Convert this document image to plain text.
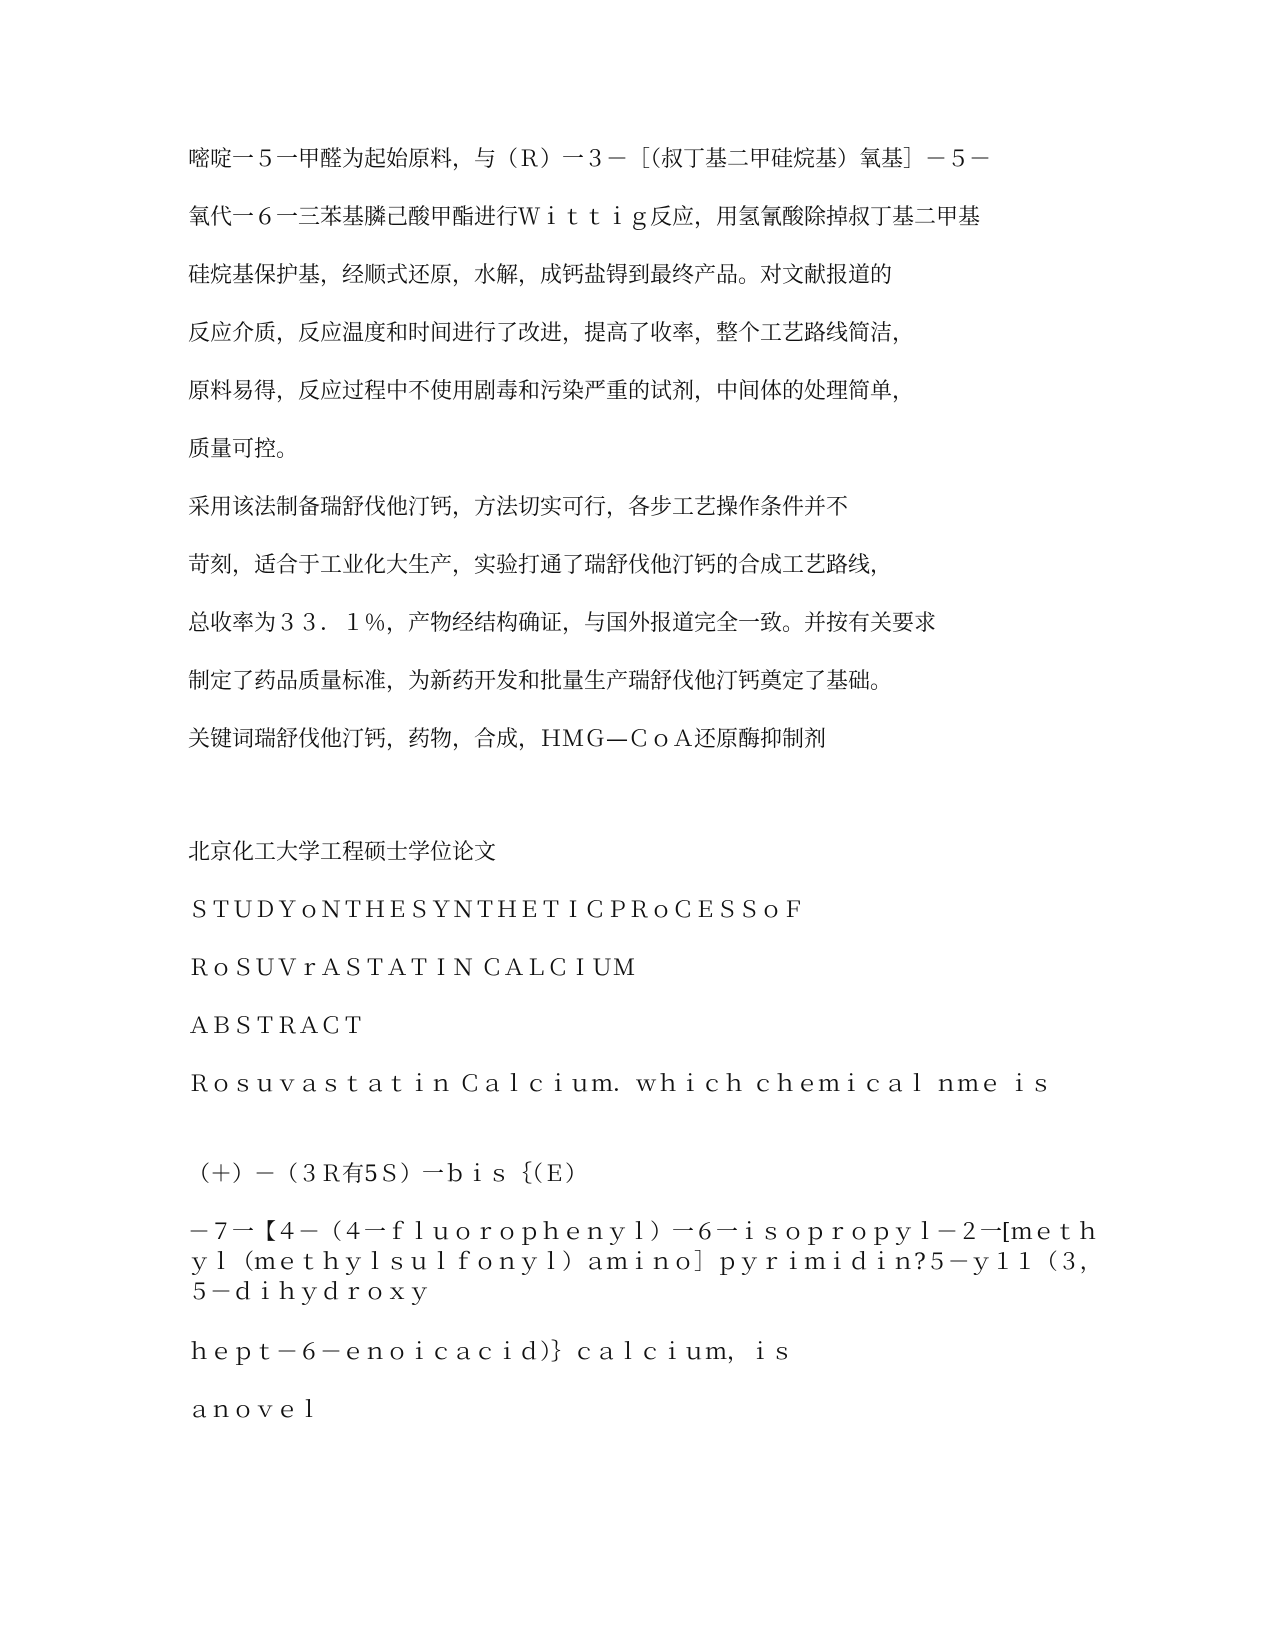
嘧啶一５一甲醛为起始原料，与（Ｒ）一３－［（叔丁基二甲硅烷基）氧基］－５－
氧代一６一三苯基膦己酸甲酯进行Ｗｉｔｔｉｇ反应，用氢氰酸除掉叔丁基二甲基
硅烷基保护基，经顺式还原，水解，成钙盐锝到最终产品。对文献报道的
反应介质，反应温度和时间进行了改进，提高了收率，整个工艺路线简洁，
原料易得，反应过程中不使用剧毒和污染严重的试剂，中间体的处理简单，
质量可控。
采用该法制备瑞舒伐他汀钙，方法切实可行，各步工艺操作条件并不
苛刻，适合于工业化大生产，实验打通了瑞舒伐他汀钙的合成工艺路线，
总收率为３３．１％，产物经结构确证，与国外报道完全一致。并按有关要求
制定了药品质量标准，为新药开发和批量生产瑞舒伐他汀钙奠定了基础。
关键词瑞舒伐他汀钙，药物，合成，ＨＭＧ—ＣｏＡ还原酶抑制剂
北京化工大学工程硕士学位论文
ＳＴＵＤＹｏＮＴＨＥＳＹＮＴＨＥＴＩＣＰＲｏＣＥＳＳｏＦ
ＲｏＳＵＶｒＡＳＴＡＴＩＮ ＣＡＬＣＩＵＭ
ＡＢＳＴＲＡＣＴ
Ｒｏｓｕｖａｓｔａｔｉｎ Ｃａｌｃｉｕｍ．ｗｈｉｃｈ ｃｈｅｍｉｃａｌ ｎｍｅ ｉｓ
（＋）－（３Ｒ有5Ｓ）一ｂｉｓ｛（Ｅ）
－７一【４－（４一ｆｌｕｏｒｏｐｈｅｎｙｌ）一６一ｉｓｏｐｒｏｐｙｌ－２一[ｍｅｔｈｙｌ（ｍｅｔｈｙｌｓｕｌｆｏｎｙｌ）ａｍｉｎｏ］ｐｙｒｉｍｉｄｉｎ?５－ｙ１１（３，５－ｄｉｈｙｄｒｏｘｙ
ｈｅｐｔ－６－ｅｎｏｉｃａｃｉｄ）｝ｃａｌｃｉｕｍ，ｉｓ
ａｎｏｖｅｌ
